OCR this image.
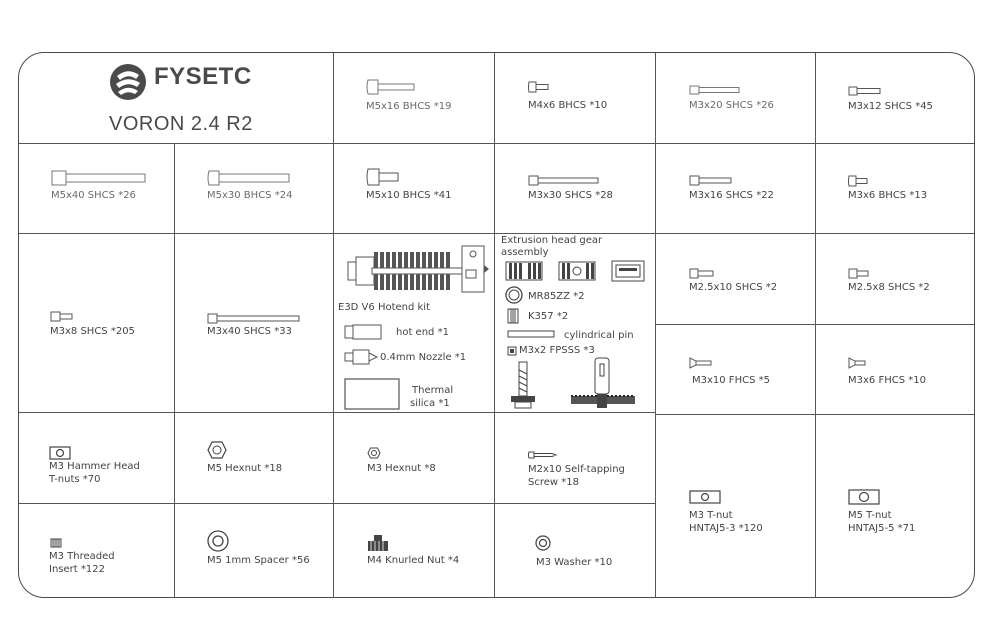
FYSETC
VORON 2.4 R2
M5x16 BHCS *19	M4x6 BHCS *10	M3x20 SHCS *26	M3x12 SHCS *45
M5x40 SHCS *26	M5x30 BHCS *24	M5x10 BHCS *41	M3x30 SHCS *28	M3x16 SHCS *22	M3x6 BHCS *13
M3x8 SHCS *205	M3x40 SHCS *33
E3D V6 Hotend kit
hot end *1
0.4mm Nozzle *1
Thermal
silica *1
Extrusion head gear
assembly
MR85ZZ *2
K357 *2
cylindrical pin
M3x2 FPSSS *3
M2.5x10 SHCS *2	M2.5x8 SHCS *2
M3x10 FHCS *5	M3x6 FHCS *10
M3 Hammer Head
T-nuts *70
M5 Hexnut *18	M3 Hexnut *8	M2x10 Self-tapping
Screw *18
M3 T-nut
HNTAJ5-3 *120
M5 T-nut
HNTAJ5-5 *71
M3 Threaded
Insert *122
M5 1mm Spacer *56	M4 Knurled Nut *4	M3 Washer *10
